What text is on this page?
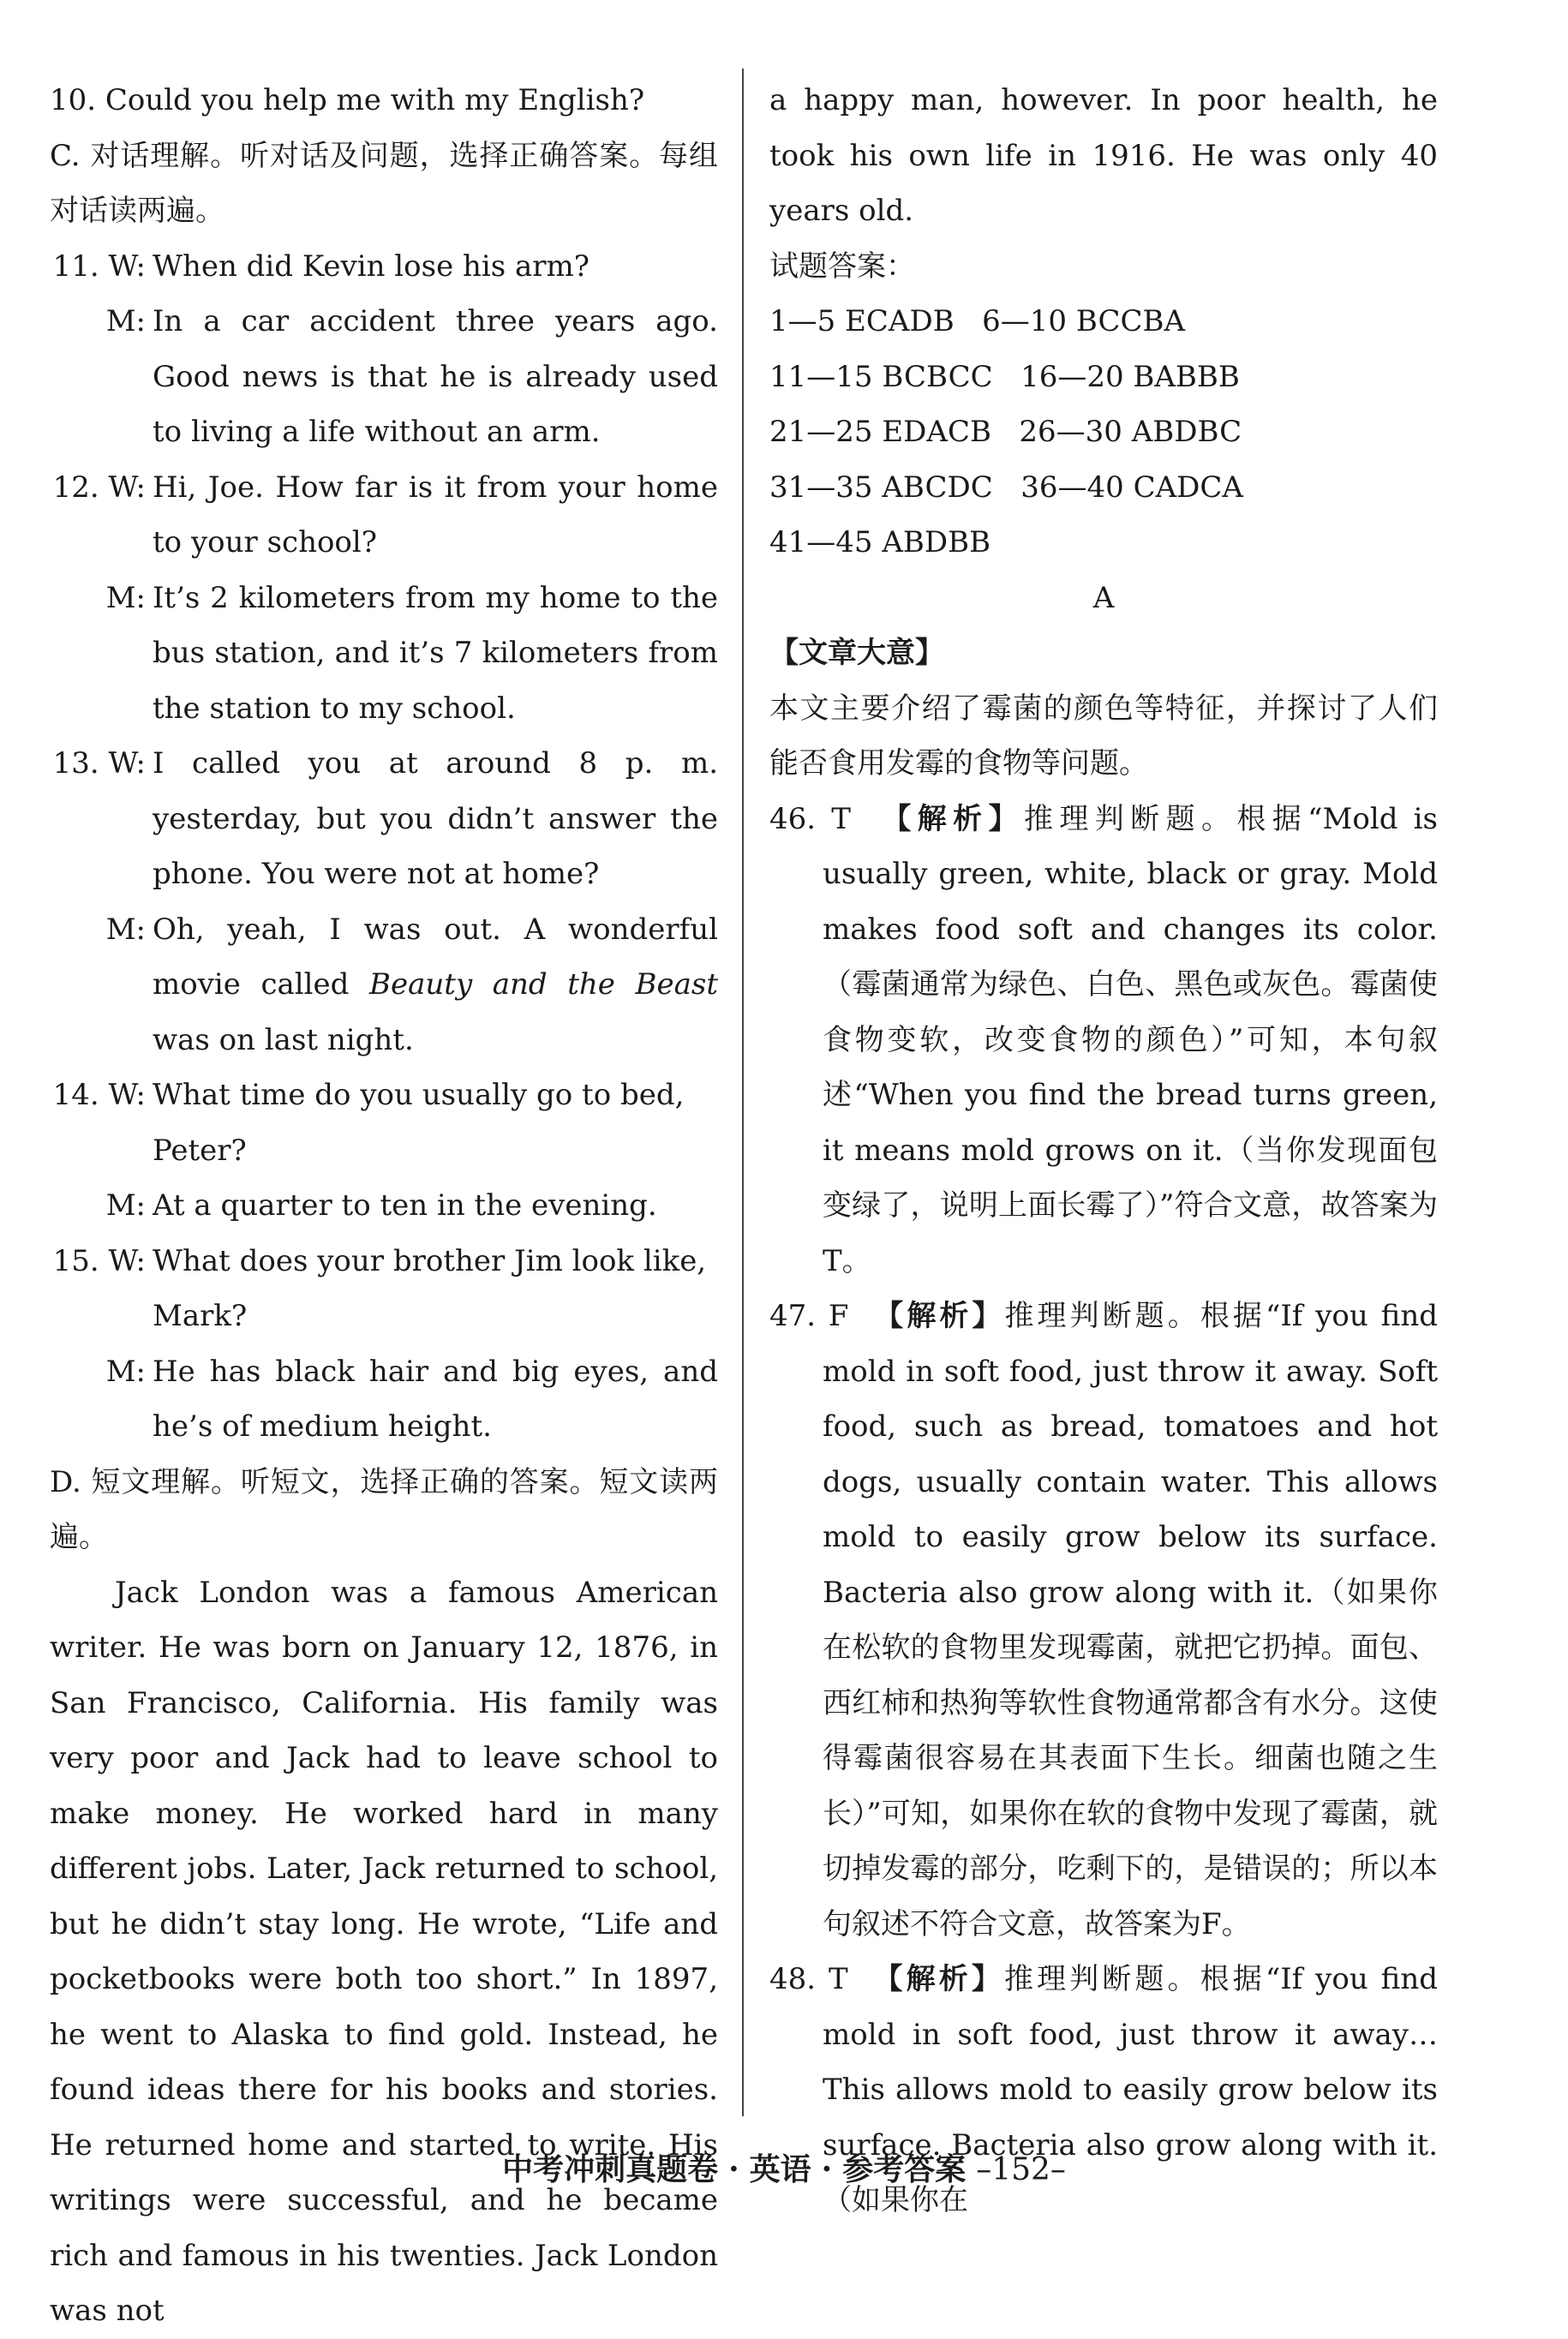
10. Could you help me with my English?

C. 对话理解。听对话及问题，选择正确答案。每组对话读两遍。

11. W: When did Kevin lose his arm?
M: In a car accident three years ago. Good news is that he is already used to living a life without an arm.
12. W: Hi, Joe. How far is it from your home to your school?
M: It’s 2 kilometers from my home to the bus station, and it’s 7 kilometers from the station to my school.
13. W: I called you at around 8 p. m. yesterday, but you didn’t answer the phone. You were not at home?
M: Oh, yeah, I was out. A wonderful movie called Beauty and the Beast was on last night.
14. W: What time do you usually go to bed, Peter?
M: At a quarter to ten in the evening.
15. W: What does your brother Jim look like, Mark?
M: He has black hair and big eyes, and he’s of medium height.

D. 短文理解。听短文，选择正确的答案。短文读两遍。

Jack London was a famous American writer. He was born on January 12, 1876, in San Francisco, California. His family was very poor and Jack had to leave school to make money. He worked hard in many different jobs. Later, Jack returned to school, but he didn’t stay long. He wrote, “Life and pocketbooks were both too short.” In 1897, he went to Alaska to find gold. Instead, he found ideas there for his books and stories. He returned home and started to write. His writings were successful, and he became rich and famous in his twenties. Jack London was not

a happy man, however. In poor health, he took his own life in 1916. He was only 40 years old.

试题答案：

1—5 ECADB 6—10 BCCBA

11—15 BCBCC 16—20 BABBB

21—25 EDACB 26—30 ABDBC

31—35 ABCDC 36—40 CADCA

41—45 ABDBB

A

【文章大意】

本文主要介绍了霉菌的颜色等特征，并探讨了人们能否食用发霉的食物等问题。

46. T 【解析】推理判断题。根据“Mold is usually green, white, black or gray. Mold makes food soft and changes its color.（霉菌通常为绿色、白色、黑色或灰色。霉菌使食物变软，改变食物的颜色）”可知，本句叙述“When you find the bread turns green, it means mold grows on it.（当你发现面包变绿了，说明上面长霉了）”符合文意，故答案为T。

47. F 【解析】推理判断题。根据“If you find mold in soft food, just throw it away. Soft food, such as bread, tomatoes and hot dogs, usually contain water. This allows mold to easily grow below its surface. Bacteria also grow along with it.（如果你在松软的食物里发现霉菌，就把它扔掉。面包、西红柿和热狗等软性食物通常都含有水分。这使得霉菌很容易在其表面下生长。细菌也随之生长）”可知，如果你在软的食物中发现了霉菌，就切掉发霉的部分，吃剩下的，是错误的；所以本句叙述不符合文意，故答案为F。

48. T 【解析】推理判断题。根据“If you find mold in soft food, just throw it away…This allows mold to easily grow below its surface. Bacteria also grow along with it.（如果你在

中考冲刺真题卷 · 英语 · 参考答案 –152–
